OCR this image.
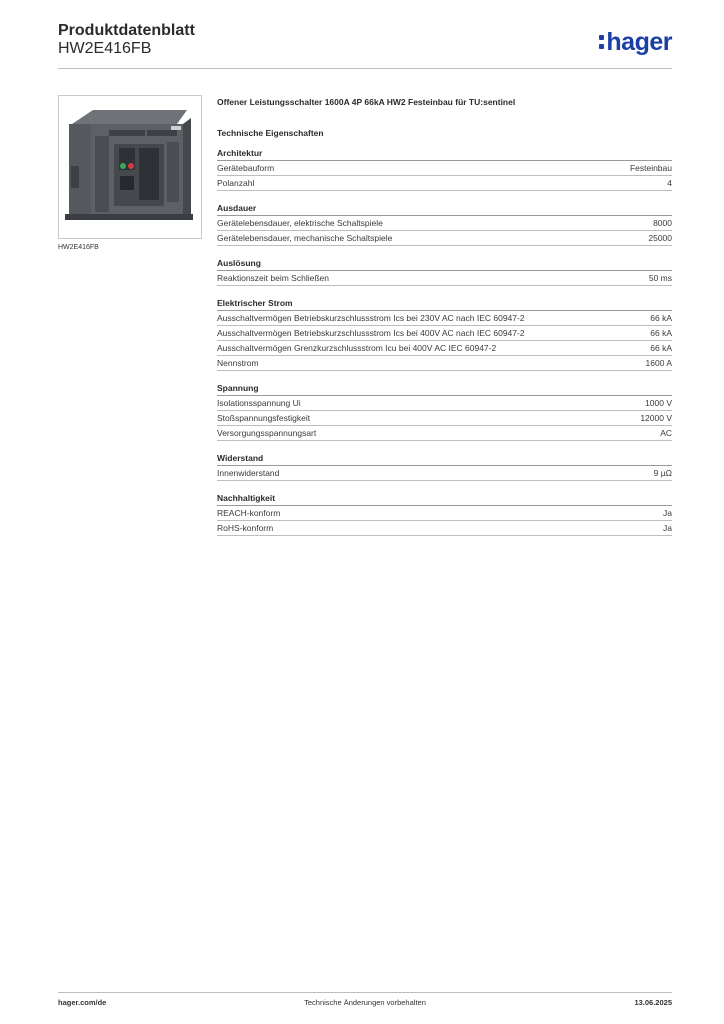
Produktdatenblatt
HW2E416FB	hager
HW2E416FB
Offener Leistungsschalter 1600A 4P 66kA HW2 Festeinbau für TU:sentinel
Technische Eigenschaften
Architektur
Gerätebauform	Festeinbau
Polanzahl	4
Ausdauer
Gerätelebensdauer, elektrische Schaltspiele	8000
Gerätelebensdauer, mechanische Schaltspiele	25000
Auslösung
Reaktionszeit beim Schließen	50 ms
Elektrischer Strom
Ausschaltvermögen Betriebskurzschlussstrom Ics bei 230V AC nach IEC 60947-2	66 kA
Ausschaltvermögen Betriebskurzschlussstrom Ics bei 400V AC nach IEC 60947-2	66 kA
Ausschaltvermögen Grenzkurzschlussstrom Icu bei 400V AC IEC 60947-2	66 kA
Nennstrom	1600 A
Spannung
Isolationsspannung Ui	1000 V
Stoßspannungsfestigkeit	12000 V
Versorgungsspannungsart	AC
Widerstand
Innenwiderstand	9 µΩ
Nachhaltigkeit
REACH-konform	Ja
RoHS-konform	Ja
hager.com/de	Technische Änderungen vorbehalten	13.06.2025
